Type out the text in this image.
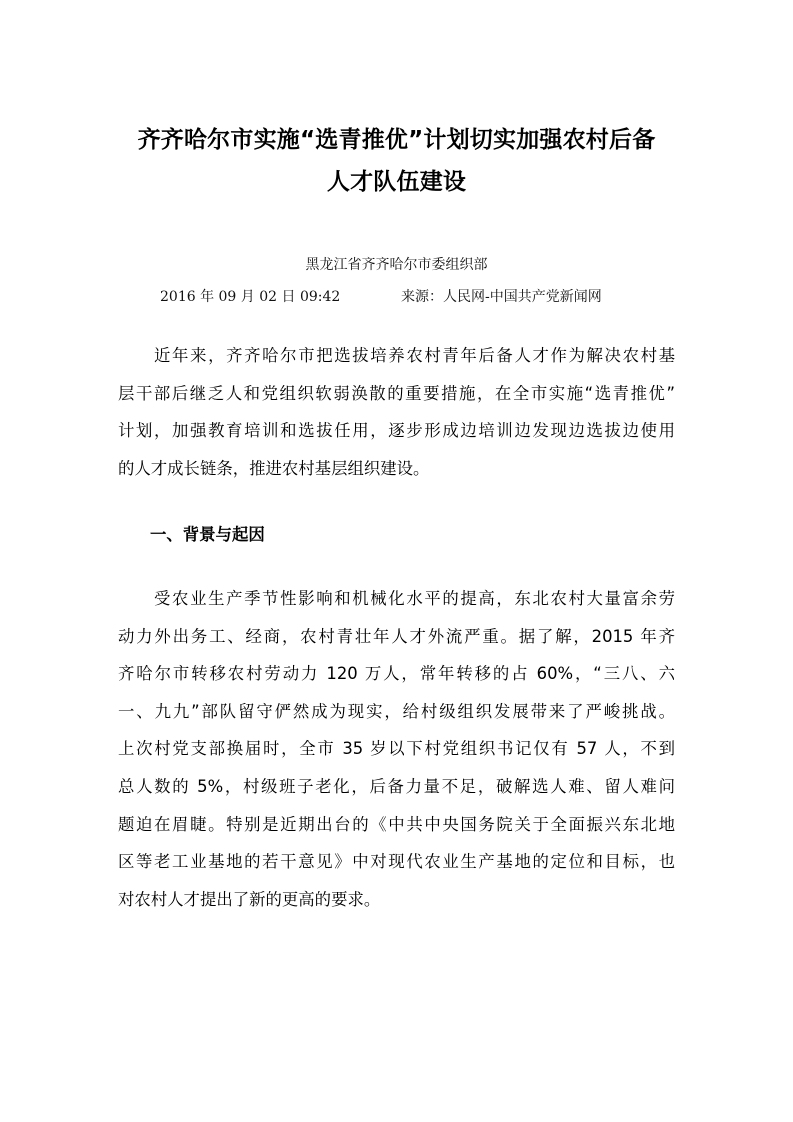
齐齐哈尔市实施“选青推优”计划切实加强农村后备
人才队伍建设
黑龙江省齐齐哈尔市委组织部
2016 年 09 月 02 日 09:42	来源：人民网-中国共产党新闻网
　　近年来，齐齐哈尔市把选拔培养农村青年后备人才作为解决农村基
层干部后继乏人和党组织软弱涣散的重要措施，在全市实施“选青推优”
计划，加强教育培训和选拔任用，逐步形成边培训边发现边选拔边使用
的人才成长链条，推进农村基层组织建设。
一、背景与起因
　　受农业生产季节性影响和机械化水平的提高，东北农村大量富余劳
动力外出务工、经商，农村青壮年人才外流严重。据了解，2015 年齐
齐哈尔市转移农村劳动力 120 万人，常年转移的占 60%，“三八、六
一、九九”部队留守俨然成为现实，给村级组织发展带来了严峻挑战。
上次村党支部换届时，全市 35 岁以下村党组织书记仅有 57 人，不到
总人数的 5%，村级班子老化，后备力量不足，破解选人难、留人难问
题迫在眉睫。特别是近期出台的《中共中央国务院关于全面振兴东北地
区等老工业基地的若干意见》中对现代农业生产基地的定位和目标，也
对农村人才提出了新的更高的要求。
